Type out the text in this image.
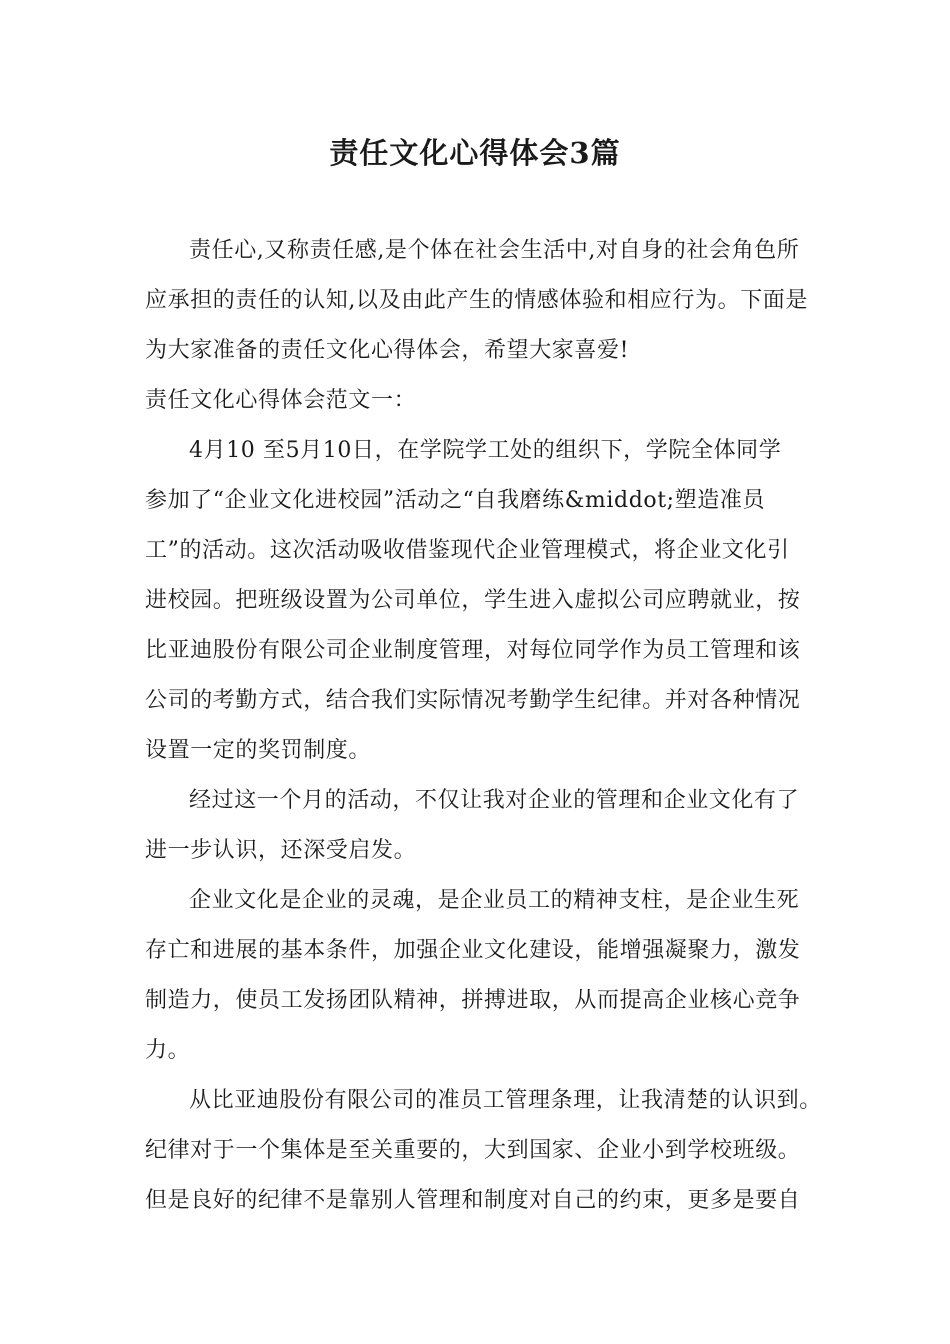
责任文化心得体会3篇
责任心,又称责任感,是个体在社会生活中,对自身的社会角色所
应承担的责任的认知,以及由此产生的情感体验和相应行为。下面是
为大家准备的责任文化心得体会，希望大家喜爱!
责任文化心得体会范文一：
4月10 至5月10日，在学院学工处的组织下，学院全体同学
参加了“企业文化进校园”活动之“自我磨练&middot;塑造准员
工”的活动。这次活动吸收借鉴现代企业管理模式，将企业文化引
进校园。把班级设置为公司单位，学生进入虚拟公司应聘就业，按
比亚迪股份有限公司企业制度管理，对每位同学作为员工管理和该
公司的考勤方式，结合我们实际情况考勤学生纪律。并对各种情况
设置一定的奖罚制度。
经过这一个月的活动，不仅让我对企业的管理和企业文化有了
进一步认识，还深受启发。
企业文化是企业的灵魂，是企业员工的精神支柱，是企业生死
存亡和进展的基本条件，加强企业文化建设，能增强凝聚力，激发
制造力，使员工发扬团队精神，拼搏进取，从而提高企业核心竞争
力。
从比亚迪股份有限公司的准员工管理条理，让我清楚的认识到。
纪律对于一个集体是至关重要的，大到国家、企业小到学校班级。
但是良好的纪律不是靠别人管理和制度对自己的约束，更多是要自
